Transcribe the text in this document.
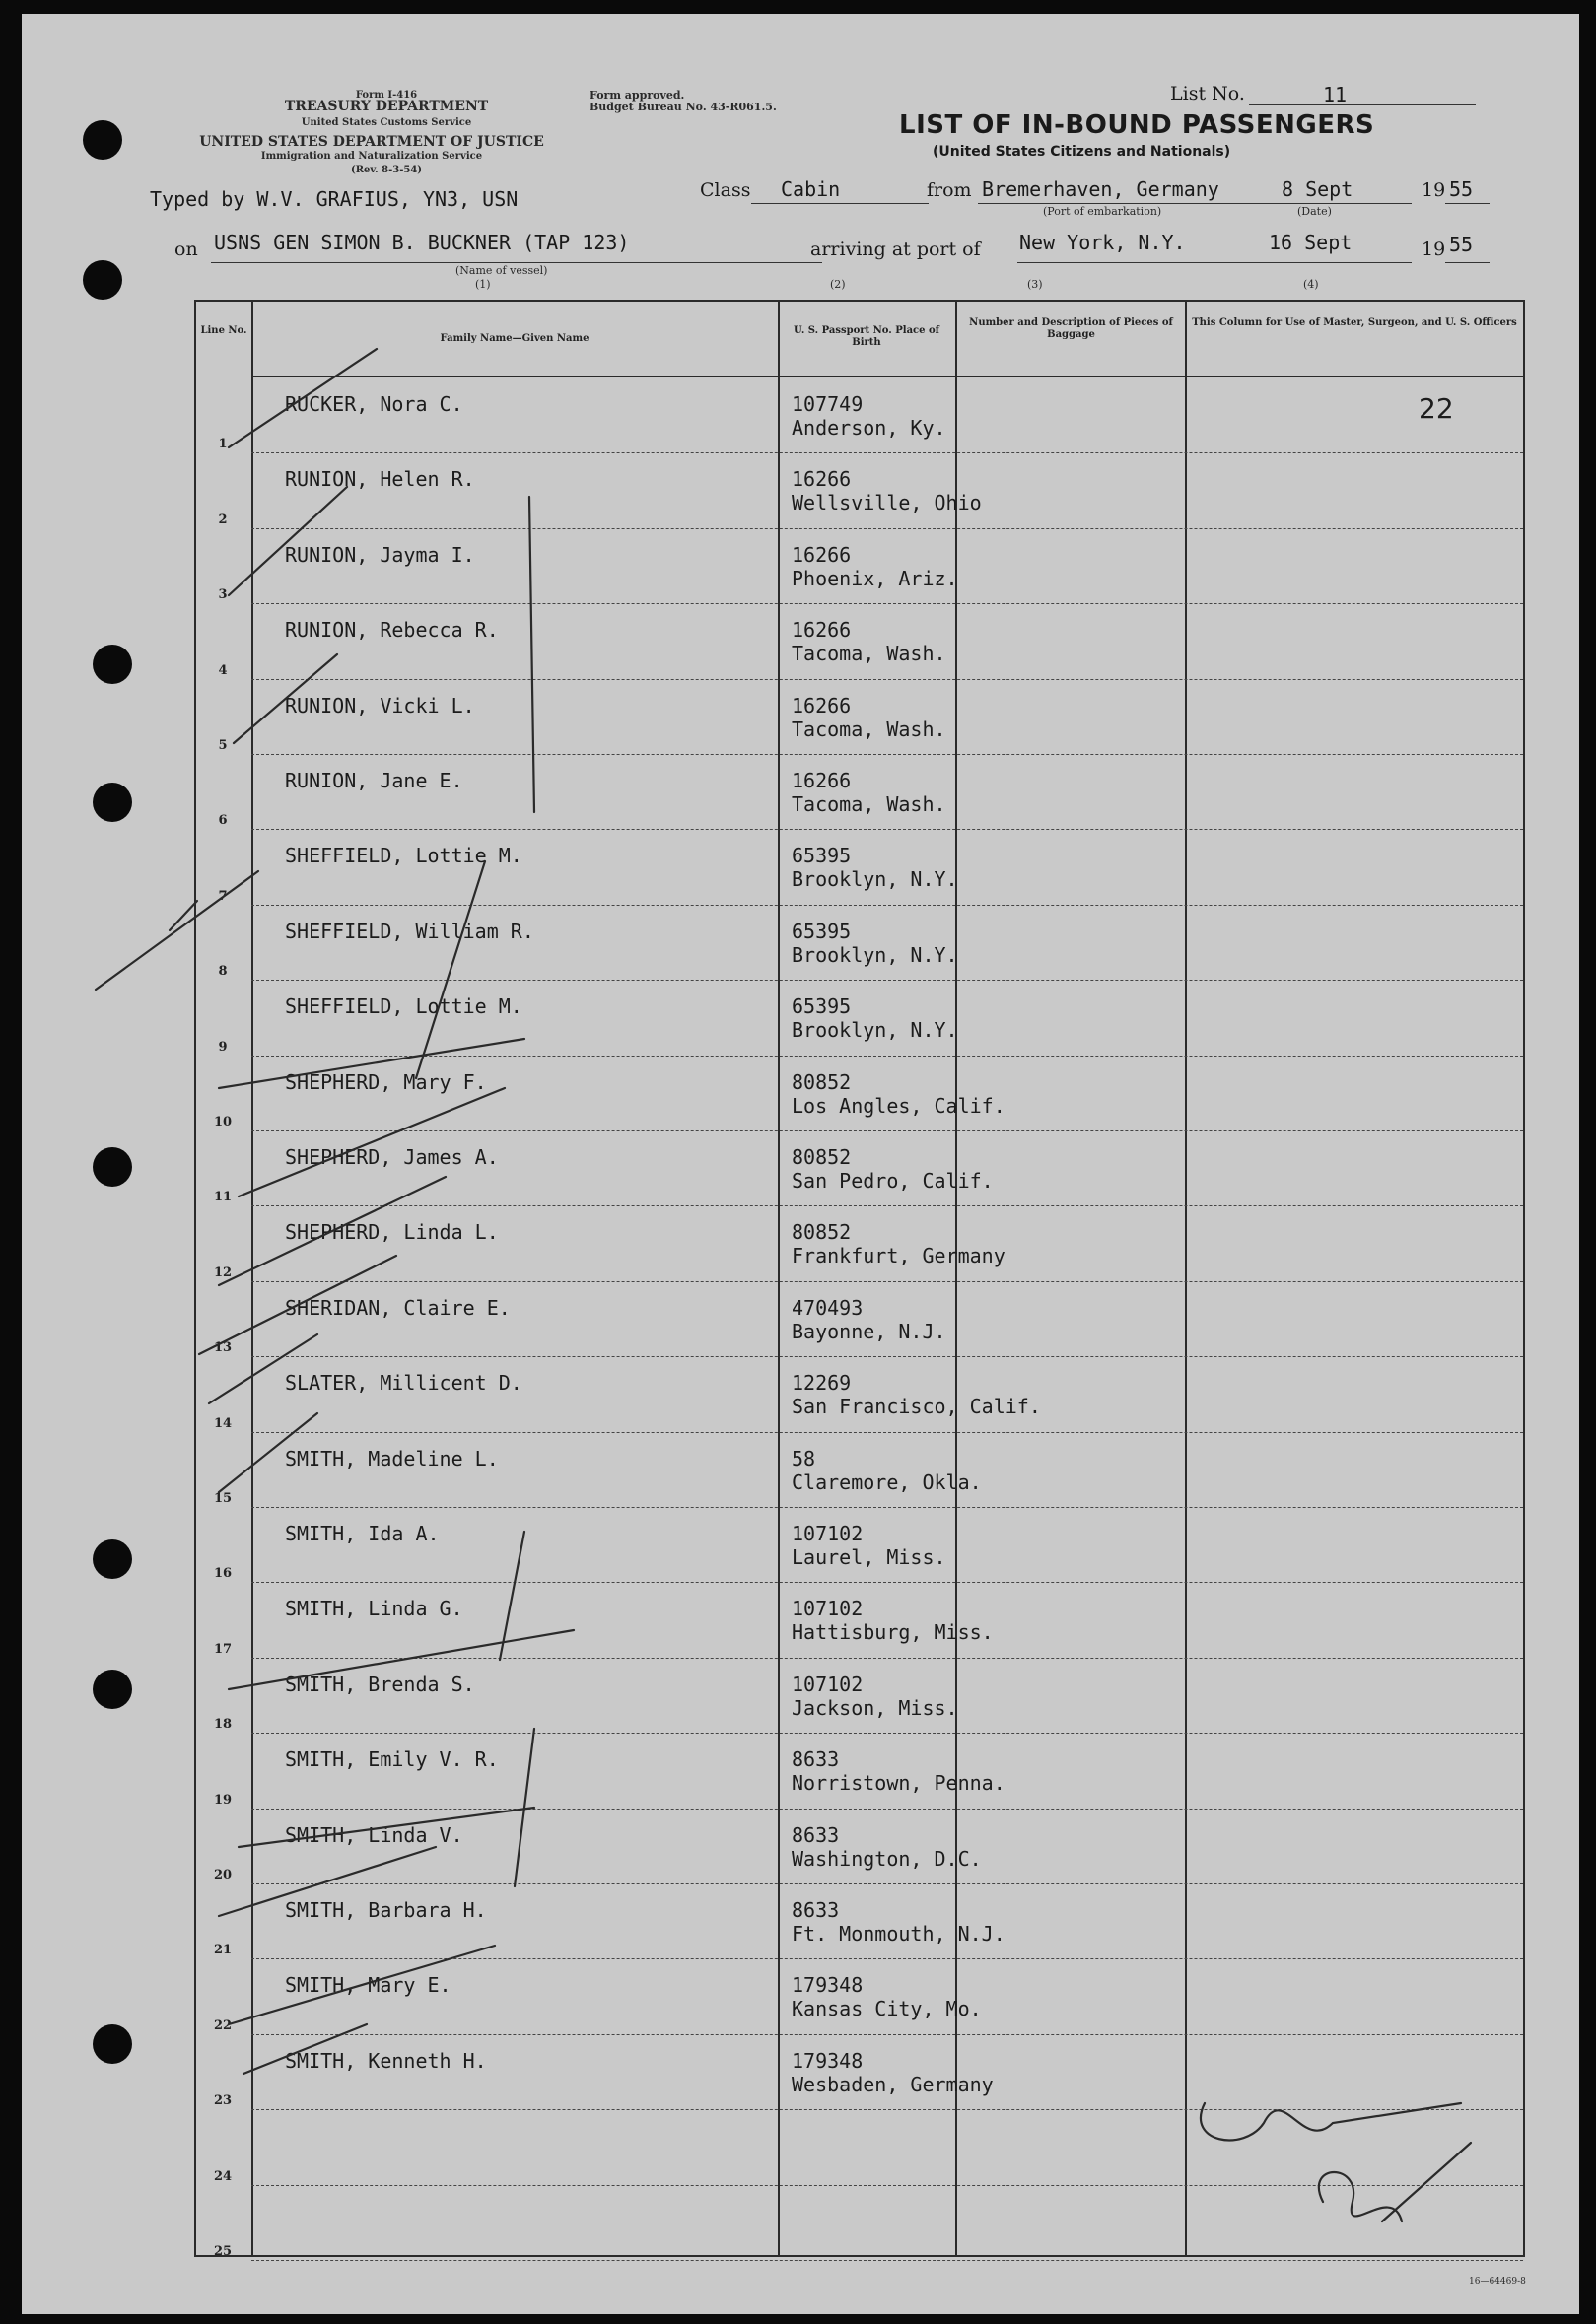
Form I-416
TREASURY DEPARTMENT
United States Customs Service
UNITED STATES DEPARTMENT OF JUSTICE
Immigration and Naturalization Service
(Rev. 8-3-54)
Form approved.
Budget Bureau No. 43-R061.5.
LIST OF IN-BOUND PASSENGERS
(United States Citizens and Nationals)
List No.	11
Typed by W.V. GRAFIUS, YN3, USN	Class Cabin	from Bremerhaven, Germany	8 Sept	19 55
(Port of embarkation)	(Date)
on USNS GEN SIMON B. BUCKNER (TAP 123)
(Name of vessel)
arriving at port of New York, N.Y.	16 Sept	19 55
(1)	(2)	(3)	(4)
Line No.
Family Name—Given Name
U. S. Passport No. Place of Birth
Number and Description of Pieces of Baggage
This Column for Use of Master, Surgeon, and U. S. Officers
1
RUCKER, Nora C.	107749
Anderson, Ky.
22
2
RUNION, Helen R.	16266
Wellsville, Ohio
3
RUNION, Jayma I.	16266
Phoenix, Ariz.
4
RUNION, Rebecca R.	16266
Tacoma, Wash.
5
RUNION, Vicki L.	16266
Tacoma, Wash.
6
RUNION, Jane E.	16266
Tacoma, Wash.
7
SHEFFIELD, Lottie M.	65395
Brooklyn, N.Y.
8
SHEFFIELD, William R.	65395
Brooklyn, N.Y.
9
SHEFFIELD, Lottie M.	65395
Brooklyn, N.Y.
10
SHEPHERD, Mary F.	80852
Los Angles, Calif.
11
SHEPHERD, James A.	80852
San Pedro, Calif.
12
SHEPHERD, Linda L.	80852
Frankfurt, Germany
13
SHERIDAN, Claire E.	470493
Bayonne, N.J.
14
SLATER, Millicent D.	12269
San Francisco, Calif.
15
SMITH, Madeline L.	58
Claremore, Okla.
16
SMITH, Ida A.	107102
Laurel, Miss.
17
SMITH, Linda G.	107102
Hattisburg, Miss.
18
SMITH, Brenda S.	107102
Jackson, Miss.
19
SMITH, Emily V. R.	8633
Norristown, Penna.
20
SMITH, Linda V.	8633
Washington, D.C.
21
SMITH, Barbara H.	8633
Ft. Monmouth, N.J.
22
SMITH, Mary E.	179348
Kansas City, Mo.
23
SMITH, Kenneth H.	179348
Wesbaden, Germany
24
25
16—64469-8
